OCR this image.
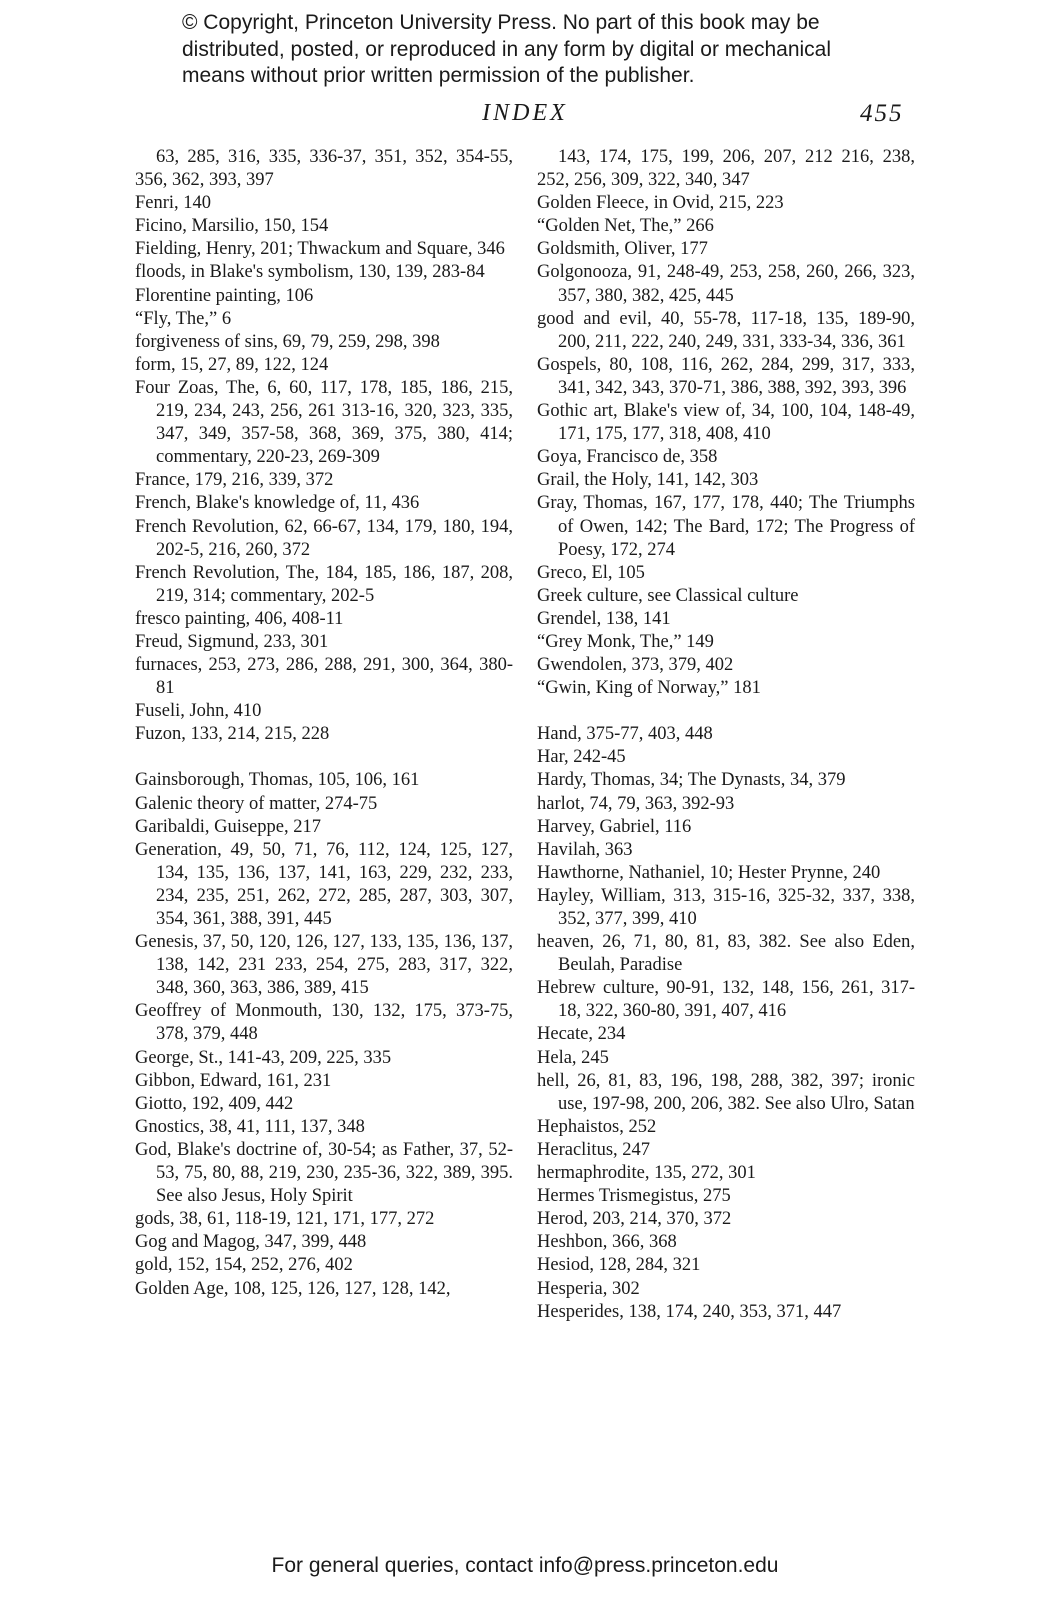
© Copyright, Princeton University Press. No part of this book may be
distributed, posted, or reproduced in any form by digital or mechanical
means without prior written permission of the publisher.
INDEX	455

63, 285, 316, 335, 336-37, 351, 352, 354-55, 356, 362, 393, 397

Fenri, 140

Ficino, Marsilio, 150, 154

Fielding, Henry, 201; Thwackum and Square, 346

floods, in Blake's symbolism, 130, 139, 283-84

Florentine painting, 106

“Fly, The,” 6

forgiveness of sins, 69, 79, 259, 298, 398

form, 15, 27, 89, 122, 124

Four Zoas, The, 6, 60, 117, 178, 185, 186, 215, 219, 234, 243, 256, 261 313-16, 320, 323, 335, 347, 349, 357-58, 368, 369, 375, 380, 414; commentary, 220-23, 269-309

France, 179, 216, 339, 372

French, Blake's knowledge of, 11, 436

French Revolution, 62, 66-67, 134, 179, 180, 194, 202-5, 216, 260, 372

French Revolution, The, 184, 185, 186, 187, 208, 219, 314; commentary, 202-5

fresco painting, 406, 408-11

Freud, Sigmund, 233, 301

furnaces, 253, 273, 286, 288, 291, 300, 364, 380-81

Fuseli, John, 410

Fuzon, 133, 214, 215, 228

Gainsborough, Thomas, 105, 106, 161

Galenic theory of matter, 274-75

Garibaldi, Guiseppe, 217

Generation, 49, 50, 71, 76, 112, 124, 125, 127, 134, 135, 136, 137, 141, 163, 229, 232, 233, 234, 235, 251, 262, 272, 285, 287, 303, 307, 354, 361, 388, 391, 445

Genesis, 37, 50, 120, 126, 127, 133, 135, 136, 137, 138, 142, 231 233, 254, 275, 283, 317, 322, 348, 360, 363, 386, 389, 415

Geoffrey of Monmouth, 130, 132, 175, 373-75, 378, 379, 448

George, St., 141-43, 209, 225, 335

Gibbon, Edward, 161, 231

Giotto, 192, 409, 442

Gnostics, 38, 41, 111, 137, 348

God, Blake's doctrine of, 30-54; as Father, 37, 52-53, 75, 80, 88, 219, 230, 235-36, 322, 389, 395. See also Jesus, Holy Spirit

gods, 38, 61, 118-19, 121, 171, 177, 272

Gog and Magog, 347, 399, 448

gold, 152, 154, 252, 276, 402

Golden Age, 108, 125, 126, 127, 128, 142,

143, 174, 175, 199, 206, 207, 212 216, 238, 252, 256, 309, 322, 340, 347

Golden Fleece, in Ovid, 215, 223

“Golden Net, The,” 266

Goldsmith, Oliver, 177

Golgonooza, 91, 248-49, 253, 258, 260, 266, 323, 357, 380, 382, 425, 445

good and evil, 40, 55-78, 117-18, 135, 189-90, 200, 211, 222, 240, 249, 331, 333-34, 336, 361

Gospels, 80, 108, 116, 262, 284, 299, 317, 333, 341, 342, 343, 370-71, 386, 388, 392, 393, 396

Gothic art, Blake's view of, 34, 100, 104, 148-49, 171, 175, 177, 318, 408, 410

Goya, Francisco de, 358

Grail, the Holy, 141, 142, 303

Gray, Thomas, 167, 177, 178, 440; The Triumphs of Owen, 142; The Bard, 172; The Progress of Poesy, 172, 274

Greco, El, 105

Greek culture, see Classical culture

Grendel, 138, 141

“Grey Monk, The,” 149

Gwendolen, 373, 379, 402

“Gwin, King of Norway,” 181

Hand, 375-77, 403, 448

Har, 242-45

Hardy, Thomas, 34; The Dynasts, 34, 379

harlot, 74, 79, 363, 392-93

Harvey, Gabriel, 116

Havilah, 363

Hawthorne, Nathaniel, 10; Hester Prynne, 240

Hayley, William, 313, 315-16, 325-32, 337, 338, 352, 377, 399, 410

heaven, 26, 71, 80, 81, 83, 382. See also Eden, Beulah, Paradise

Hebrew culture, 90-91, 132, 148, 156, 261, 317-18, 322, 360-80, 391, 407, 416

Hecate, 234

Hela, 245

hell, 26, 81, 83, 196, 198, 288, 382, 397; ironic use, 197-98, 200, 206, 382. See also Ulro, Satan

Hephaistos, 252

Heraclitus, 247

hermaphrodite, 135, 272, 301

Hermes Trismegistus, 275

Herod, 203, 214, 370, 372

Heshbon, 366, 368

Hesiod, 128, 284, 321

Hesperia, 302

Hesperides, 138, 174, 240, 353, 371, 447

For general queries, contact info@press.princeton.edu
